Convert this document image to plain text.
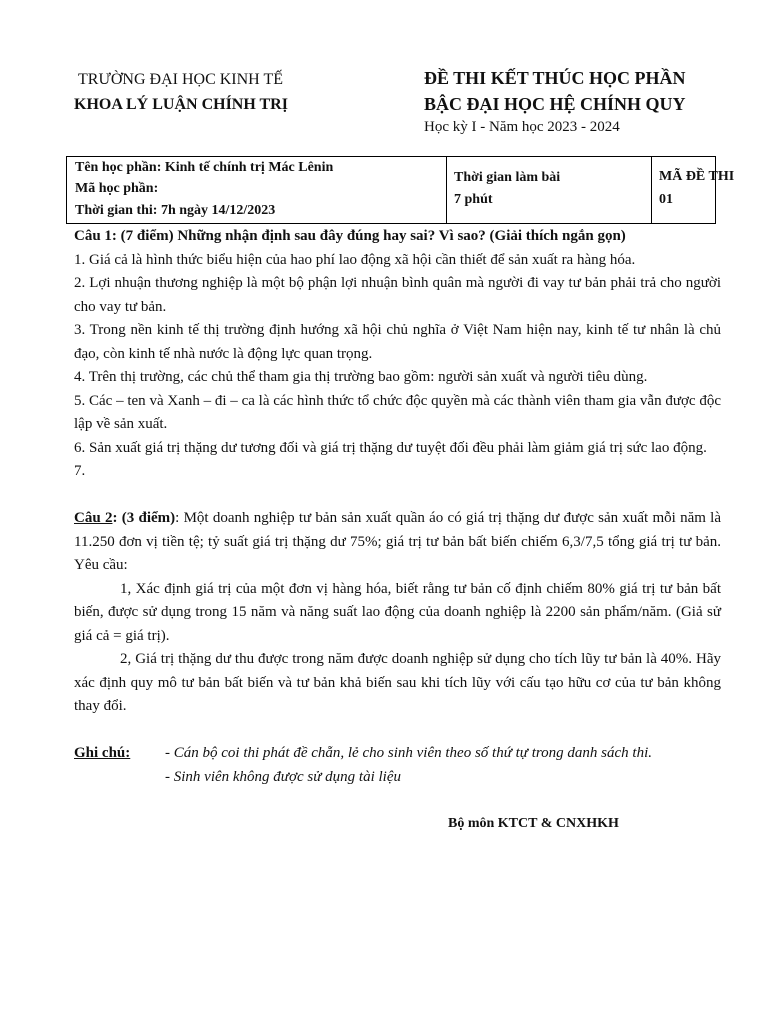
TRƯỜNG ĐẠI HỌC KINH TẾ
KHOA LÝ LUẬN CHÍNH TRỊ
ĐỀ THI KẾT THÚC HỌC PHẦN
BẬC ĐẠI HỌC HỆ CHÍNH QUY
Học kỳ I - Năm học 2023 - 2024
Tên học phần: Kinh tế chính trị Mác Lênin
Mã học phần:
Thời gian thi: 7h ngày 14/12/2023
Thời gian làm bài
7 phút
MÃ ĐỀ THI
01

Câu 1: (7 điểm) Những nhận định sau đây đúng hay sai? Vì sao? (Giải thích ngắn gọn)

1. Giá cả là hình thức biểu hiện của hao phí lao động xã hội cần thiết để sản xuất ra hàng hóa.

2. Lợi nhuận thương nghiệp là một bộ phận lợi nhuận bình quân mà người đi vay tư bản phải trả cho người cho vay tư bản.

3. Trong nền kinh tế thị trường định hướng xã hội chủ nghĩa ở Việt Nam hiện nay, kinh tế tư nhân là chủ đạo, còn kinh tế nhà nước là động lực quan trọng.

4. Trên thị trường, các chủ thể tham gia thị trường bao gồm: người sản xuất và người tiêu dùng.

5. Các – ten và Xanh – đi – ca là các hình thức tổ chức độc quyền mà các thành viên tham gia vẫn được độc lập về sản xuất.

6. Sản xuất giá trị thặng dư tương đối và giá trị thặng dư tuyệt đối đều phải làm giảm giá trị sức lao động.

7.

Câu 2: (3 điểm): Một doanh nghiệp tư bản sản xuất quần áo có giá trị thặng dư được sản xuất mỗi năm là 11.250 đơn vị tiền tệ; tỷ suất giá trị thặng dư 75%; giá trị tư bản bất biến chiếm 6,3/7,5 tổng giá trị tư bản. Yêu cầu:

1, Xác định giá trị của một đơn vị hàng hóa, biết rằng tư bản cố định chiếm 80% giá trị tư bản bất biến, được sử dụng trong 15 năm và năng suất lao động của doanh nghiệp là 2200 sản phẩm/năm. (Giả sử giá cả = giá trị).

2, Giá trị thặng dư thu được trong năm được doanh nghiệp sử dụng cho tích lũy tư bản là 40%. Hãy xác định quy mô tư bản bất biến và tư bản khả biến sau khi tích lũy với cấu tạo hữu cơ của tư bản không thay đổi.

Ghi chú: - Cán bộ coi thi phát đề chẵn, lẻ cho sinh viên theo số thứ tự trong danh sách thi.
- Sinh viên không được sử dụng tài liệu
Bộ môn KTCT & CNXHKH
